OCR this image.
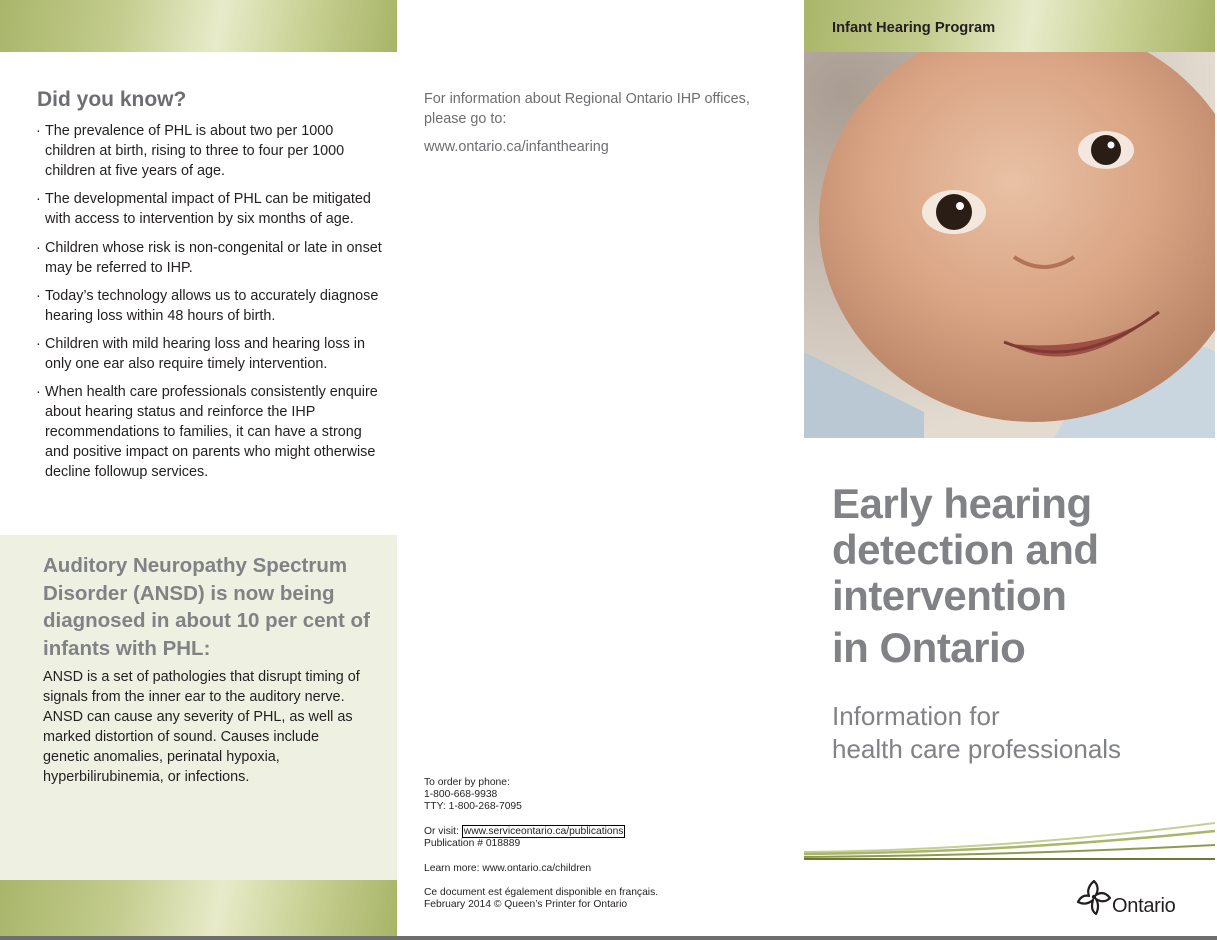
Did you know?
· The prevalence of PHL is about two per 1000 children at birth, rising to three to four per 1000 children at five years of age.
· The developmental impact of PHL can be mitigated with access to intervention by six months of age.
· Children whose risk is non-congenital or late in onset may be referred to IHP.
· Today’s technology allows us to accurately diagnose hearing loss within 48 hours of birth.
· Children with mild hearing loss and hearing loss in only one ear also require timely intervention.
· When health care professionals consistently enquire about hearing status and reinforce the IHP recommendations to families, it can have a strong and positive impact on parents who might otherwise decline followup services.
Auditory Neuropathy Spectrum Disorder (ANSD) is now being diagnosed in about 10 per cent of infants with PHL:

ANSD is a set of pathologies that disrupt timing of signals from the inner ear to the auditory nerve. ANSD can cause any severity of PHL, as well as marked distortion of sound. Causes include genetic anomalies, perinatal hypoxia, hyperbilirubinemia, or infections.

For information about Regional Ontario IHP offices, please go to:

www.ontario.ca/infanthearing

To order by phone:
1-800-668-9938
TTY: 1-800-268-7095
Or visit: www.serviceontario.ca/publications
Publication # 018889
Learn more: www.ontario.ca/children
Ce document est également disponible en français.
February 2014 © Queen’s Printer for Ontario
Infant Hearing Program
Early hearing
detection and
intervention
in Ontario
Information for
health care professionals
Ontario
